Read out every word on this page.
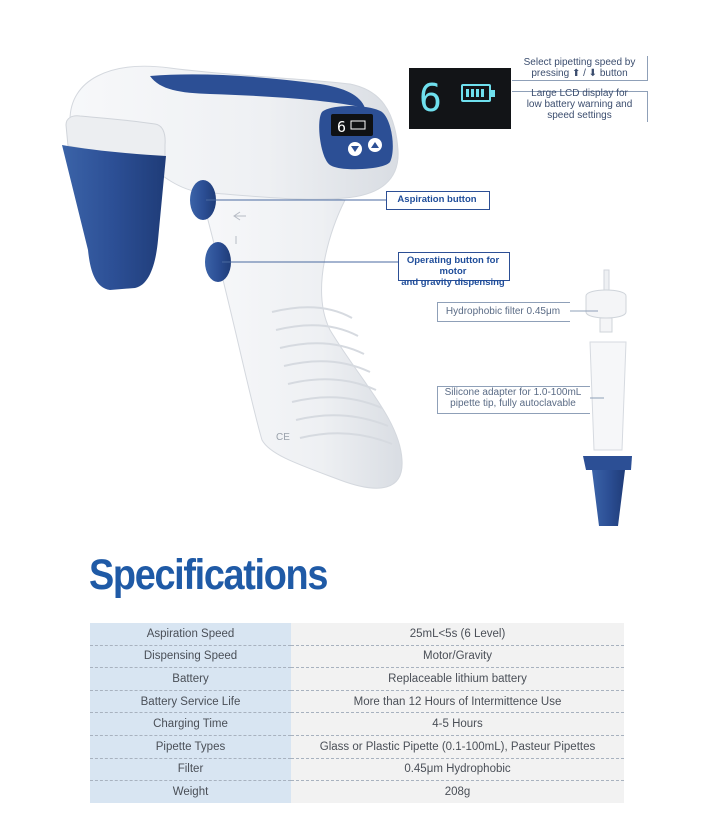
CE
6
6
Select pipetting speed by
pressing ⬆ / ⬇ button
Large LCD display for
low battery warning and
speed settings
Aspiration button
Operating button for motor
and gravity dispensing
Hydrophobic filter 0.45μm
Silicone adapter for 1.0-100mL
pipette tip, fully autoclavable
Specifications
Aspiration Speed	25mL<5s (6 Level)
Dispensing Speed	Motor/Gravity
Battery	Replaceable lithium battery
Battery Service Life	More than 12 Hours of Intermittence Use
Charging Time	4-5 Hours
Pipette Types	Glass or Plastic Pipette (0.1-100mL), Pasteur Pipettes
Filter	0.45μm Hydrophobic
Weight	208g
